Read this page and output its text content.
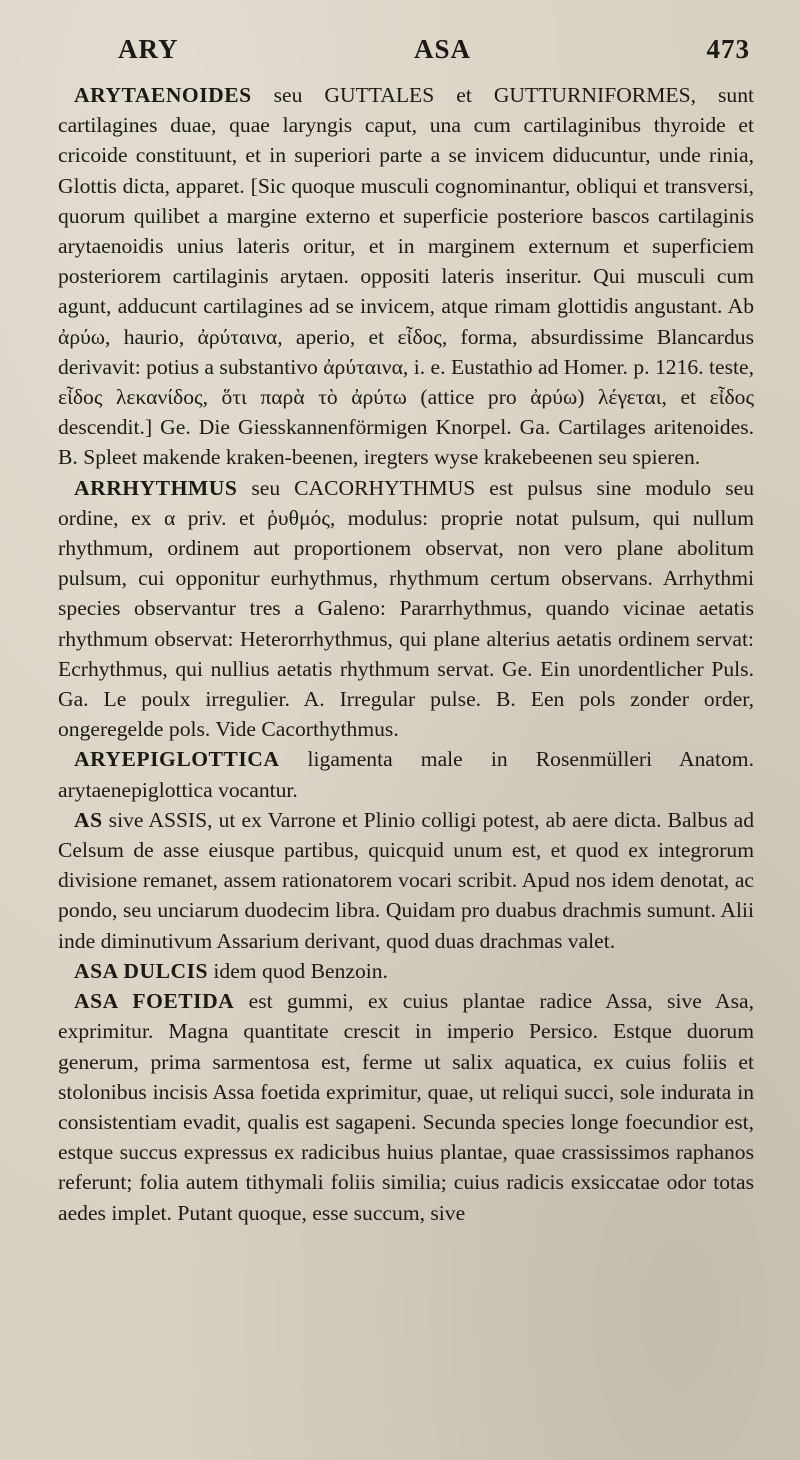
ARY	ASA	473

ARYTAENOIDES seu GUTTALES et GUTTURNIFORMES, sunt cartilagines duae, quae laryngis caput, una cum cartilaginibus thyroide et cricoide constituunt, et in superiori parte a se invicem diducuntur, unde rinia, Glottis dicta, apparet. [Sic quoque musculi cognominantur, obliqui et transversi, quorum quilibet a margine externo et superficie posteriore bascos cartilaginis arytaenoidis unius lateris oritur, et in marginem externum et superficiem posteriorem cartilaginis arytaen. oppositi lateris inseritur. Qui musculi cum agunt, adducunt cartilagines ad se invicem, atque rimam glottidis angustant. Ab ἀρύω, haurio, ἀρύταινα, aperio, et εἶδος, forma, absurdissime Blancardus derivavit: potius a substantivo ἀρύταινα, i. e. Eustathio ad Homer. p. 1216. teste, εἶδος λεκανίδος, ὅτι παρὰ τὸ ἀρύτω (attice pro ἀρύω) λέγεται, et εἶδος descendit.] Ge. Die Giesskannenförmigen Knorpel. Ga. Cartilages aritenoides. B. Spleet makende kraken-beenen, iregters wyse krakebeenen seu spieren.

ARRHYTHMUS seu CACORHYTHMUS est pulsus sine modulo seu ordine, ex α priv. et ῥυθμός, modulus: proprie notat pulsum, qui nullum rhythmum, ordinem aut proportionem observat, non vero plane abolitum pulsum, cui opponitur eurhythmus, rhythmum certum observans. Arrhythmi species observantur tres a Galeno: Pararrhythmus, quando vicinae aetatis rhythmum observat: Heterorrhythmus, qui plane alterius aetatis ordinem servat: Ecrhythmus, qui nullius aetatis rhythmum servat. Ge. Ein unordentlicher Puls. Ga. Le poulx irregulier. A. Irregular pulse. B. Een pols zonder order, ongeregelde pols. Vide Cacorthythmus.

ARYEPIGLOTTICA ligamenta male in Rosenmülleri Anatom. arytaenepiglottica vocantur.

AS sive ASSIS, ut ex Varrone et Plinio colligi potest, ab aere dicta. Balbus ad Celsum de asse eiusque partibus, quicquid unum est, et quod ex integrorum divisione remanet, assem rationatorem vocari scribit. Apud nos idem denotat, ac pondo, seu unciarum duodecim libra. Quidam pro duabus drachmis sumunt. Alii inde diminutivum Assarium derivant, quod duas drachmas valet.

ASA DULCIS idem quod Benzoin.

ASA FOETIDA est gummi, ex cuius plantae radice Assa, sive Asa, exprimitur. Magna quantitate crescit in imperio Persico. Estque duorum generum, prima sarmentosa est, ferme ut salix aquatica, ex cuius foliis et stolonibus incisis Assa foetida exprimitur, quae, ut reliqui succi, sole indurata in consistentiam evadit, qualis est sagapeni. Secunda species longe foecundior est, estque succus expressus ex radicibus huius plantae, quae crassissimos raphanos referunt; folia autem tithymali foliis similia; cuius radicis exsiccatae odor totas aedes implet. Putant quoque, esse succum, sive
